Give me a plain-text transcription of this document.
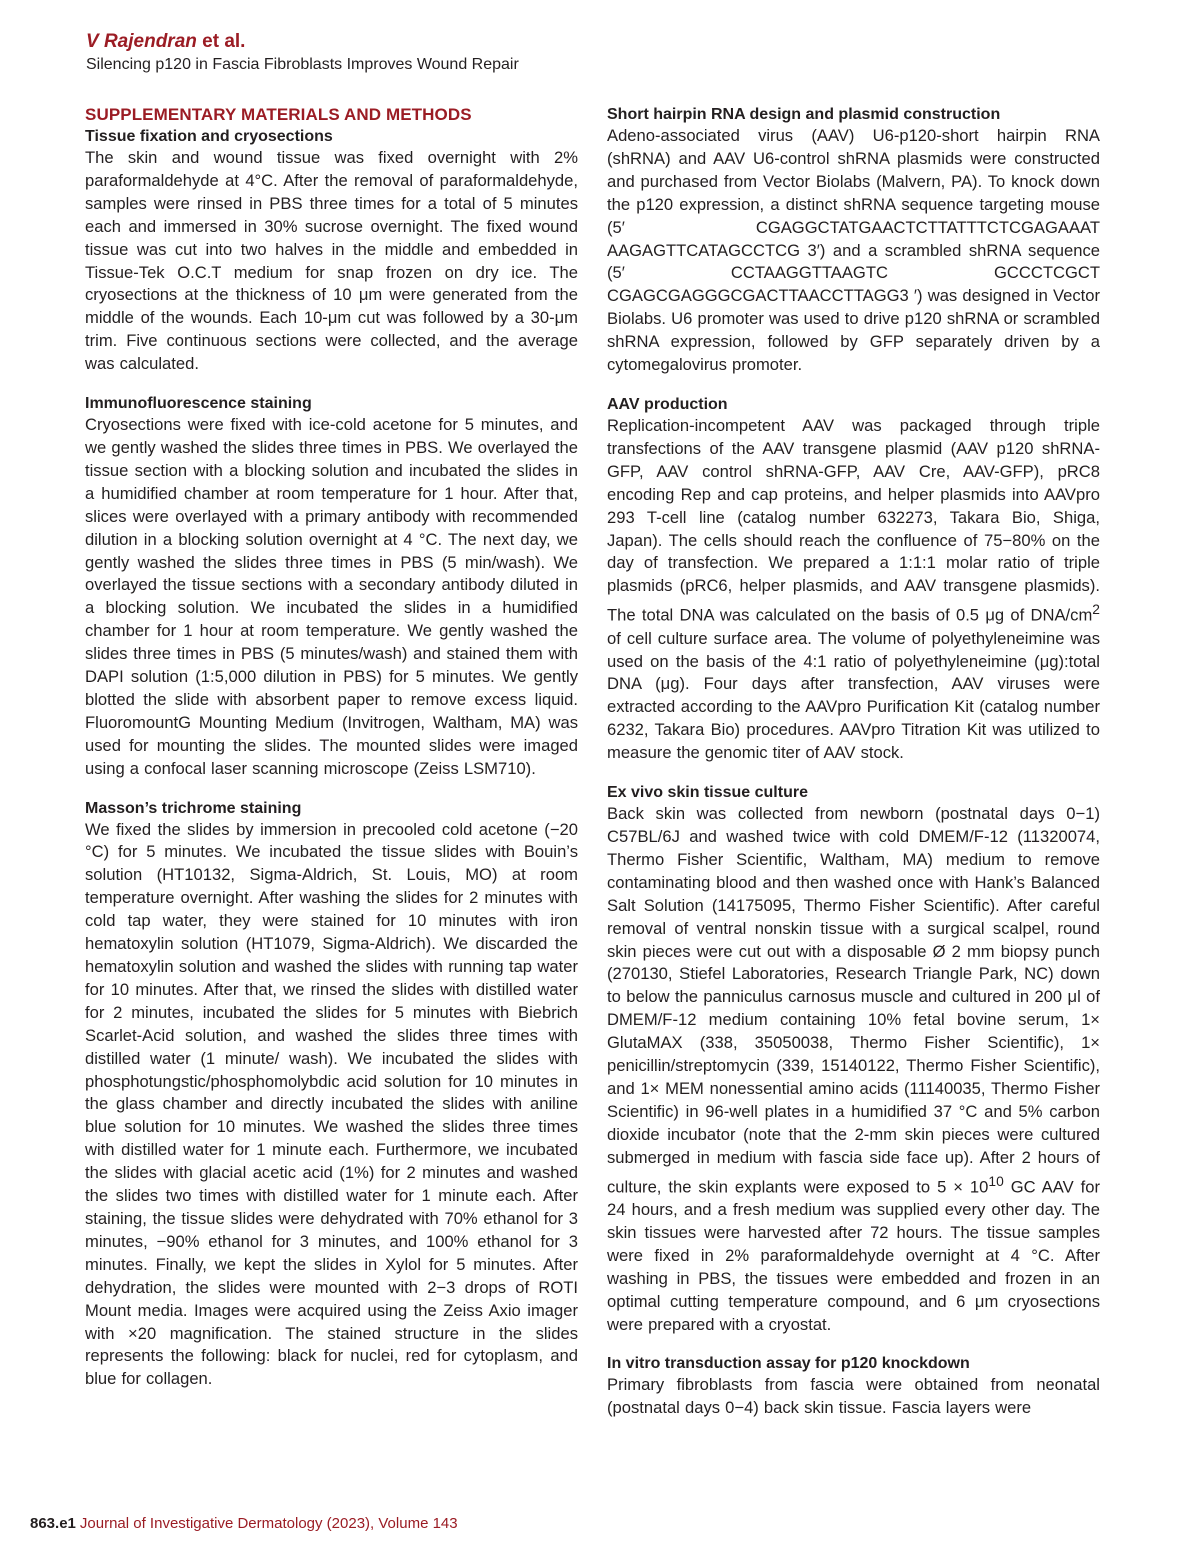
V Rajendran et al.
Silencing p120 in Fascia Fibroblasts Improves Wound Repair
SUPPLEMENTARY MATERIALS AND METHODS
Tissue fixation and cryosections

The skin and wound tissue was fixed overnight with 2% paraformaldehyde at 4°C. After the removal of paraformaldehyde, samples were rinsed in PBS three times for a total of 5 minutes each and immersed in 30% sucrose overnight. The fixed wound tissue was cut into two halves in the middle and embedded in Tissue-Tek O.C.T medium for snap frozen on dry ice. The cryosections at the thickness of 10 μm were generated from the middle of the wounds. Each 10-μm cut was followed by a 30-μm trim. Five continuous sections were collected, and the average was calculated.

Immunofluorescence staining

Cryosections were fixed with ice-cold acetone for 5 minutes, and we gently washed the slides three times in PBS. We overlayed the tissue section with a blocking solution and incubated the slides in a humidified chamber at room temperature for 1 hour. After that, slices were overlayed with a primary antibody with recommended dilution in a blocking solution overnight at 4 °C. The next day, we gently washed the slides three times in PBS (5 min/wash). We overlayed the tissue sections with a secondary antibody diluted in a blocking solution. We incubated the slides in a humidified chamber for 1 hour at room temperature. We gently washed the slides three times in PBS (5 minutes/wash) and stained them with DAPI solution (1:5,000 dilution in PBS) for 5 minutes. We gently blotted the slide with absorbent paper to remove excess liquid. FluoromountG Mounting Medium (Invitrogen, Waltham, MA) was used for mounting the slides. The mounted slides were imaged using a confocal laser scanning microscope (Zeiss LSM710).

Masson’s trichrome staining

We fixed the slides by immersion in precooled cold acetone (−20 °C) for 5 minutes. We incubated the tissue slides with Bouin’s solution (HT10132, Sigma-Aldrich, St. Louis, MO) at room temperature overnight. After washing the slides for 2 minutes with cold tap water, they were stained for 10 minutes with iron hematoxylin solution (HT1079, Sigma-Aldrich). We discarded the hematoxylin solution and washed the slides with running tap water for 10 minutes. After that, we rinsed the slides with distilled water for 2 minutes, incubated the slides for 5 minutes with Biebrich Scarlet-Acid solution, and washed the slides three times with distilled water (1 minute/ wash). We incubated the slides with phosphotungstic/phosphomolybdic acid solution for 10 minutes in the glass chamber and directly incubated the slides with aniline blue solution for 10 minutes. We washed the slides three times with distilled water for 1 minute each. Furthermore, we incubated the slides with glacial acetic acid (1%) for 2 minutes and washed the slides two times with distilled water for 1 minute each. After staining, the tissue slides were dehydrated with 70% ethanol for 3 minutes, −90% ethanol for 3 minutes, and 100% ethanol for 3 minutes. Finally, we kept the slides in Xylol for 5 minutes. After dehydration, the slides were mounted with 2−3 drops of ROTI Mount media. Images were acquired using the Zeiss Axio imager with ×20 magnification. The stained structure in the slides represents the following: black for nuclei, red for cytoplasm, and blue for collagen.

Short hairpin RNA design and plasmid construction

Adeno-associated virus (AAV) U6-p120-short hairpin RNA (shRNA) and AAV U6-control shRNA plasmids were constructed and purchased from Vector Biolabs (Malvern, PA). To knock down the p120 expression, a distinct shRNA sequence targeting mouse (5′ CGAGGCTATGAACTCTTATTTCTCGAGAAAT AAGAGTTCATAGCCTCG 3′) and a scrambled shRNA sequence (5′ CCTAAGGTTAAGTC GCCCTCGCT CGAGCGAGGGCGACTTAACCTTAGG3 ′) was designed in Vector Biolabs. U6 promoter was used to drive p120 shRNA or scrambled shRNA expression, followed by GFP separately driven by a cytomegalovirus promoter.

AAV production

Replication-incompetent AAV was packaged through triple transfections of the AAV transgene plasmid (AAV p120 shRNA-GFP, AAV control shRNA-GFP, AAV Cre, AAV-GFP), pRC8 encoding Rep and cap proteins, and helper plasmids into AAVpro 293 T-cell line (catalog number 632273, Takara Bio, Shiga, Japan). The cells should reach the confluence of 75−80% on the day of transfection. We prepared a 1:1:1 molar ratio of triple plasmids (pRC6, helper plasmids, and AAV transgene plasmids). The total DNA was calculated on the basis of 0.5 μg of DNA/$cm^2$ of cell culture surface area. The volume of polyethyleneimine was used on the basis of the 4:1 ratio of polyethyleneimine (μg):total DNA (μg). Four days after transfection, AAV viruses were extracted according to the AAVpro Purification Kit (catalog number 6232, Takara Bio) procedures. AAVpro Titration Kit was utilized to measure the genomic titer of AAV stock.

Ex vivo skin tissue culture

Back skin was collected from newborn (postnatal days 0−1) C57BL/6J and washed twice with cold DMEM/F-12 (11320074, Thermo Fisher Scientific, Waltham, MA) medium to remove contaminating blood and then washed once with Hank’s Balanced Salt Solution (14175095, Thermo Fisher Scientific). After careful removal of ventral nonskin tissue with a surgical scalpel, round skin pieces were cut out with a disposable Ø 2 mm biopsy punch (270130, Stiefel Laboratories, Research Triangle Park, NC) down to below the panniculus carnosus muscle and cultured in 200 μl of DMEM/F-12 medium containing 10% fetal bovine serum, 1× GlutaMAX (338, 35050038, Thermo Fisher Scientific), 1× penicillin/streptomycin (339, 15140122, Thermo Fisher Scientific), and 1× MEM nonessential amino acids (11140035, Thermo Fisher Scientific) in 96-well plates in a humidified 37 °C and 5% carbon dioxide incubator (note that the 2-mm skin pieces were cultured submerged in medium with fascia side face up). After 2 hours of culture, the skin explants were exposed to $5 \times 10^{10}$ GC AAV for 24 hours, and a fresh medium was supplied every other day. The skin tissues were harvested after 72 hours. The tissue samples were fixed in 2% paraformaldehyde overnight at 4 °C. After washing in PBS, the tissues were embedded and frozen in an optimal cutting temperature compound, and 6 μm cryosections were prepared with a cryostat.

In vitro transduction assay for p120 knockdown

Primary fibroblasts from fascia were obtained from neonatal (postnatal days 0−4) back skin tissue. Fascia layers were

863.e1 Journal of Investigative Dermatology (2023), Volume 143
